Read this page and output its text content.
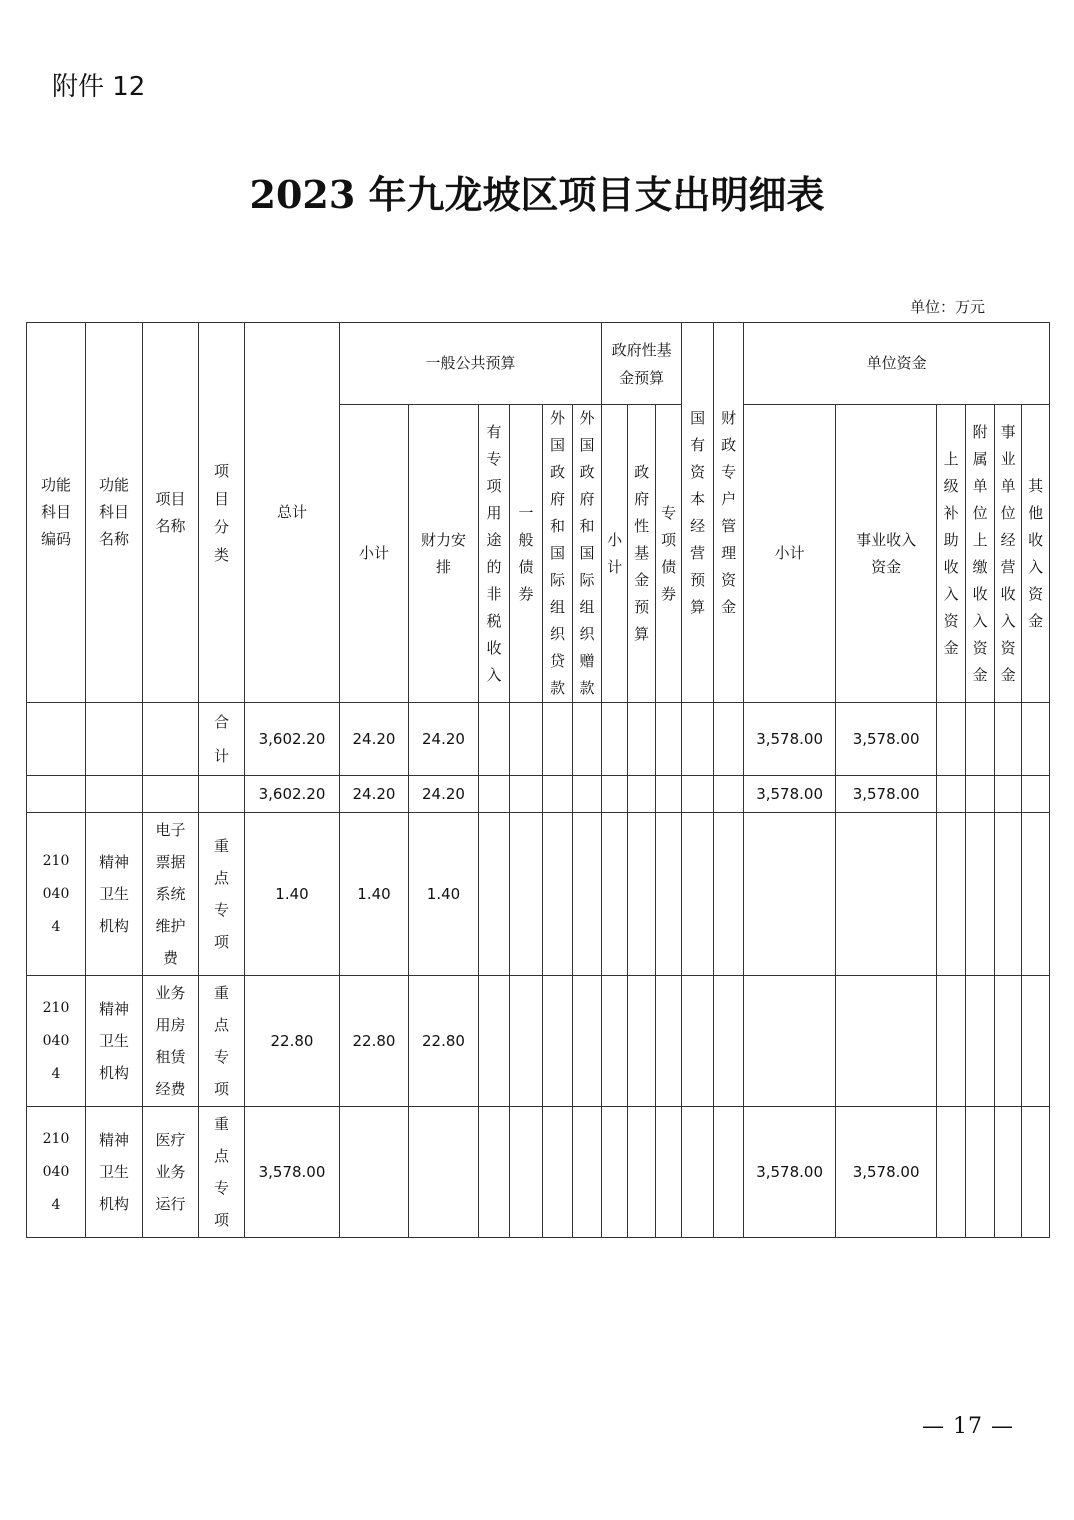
附件 12
2023 年九龙坡区项目支出明细表
单位：万元
功能科目编码	功能科目名称	项目名称	项目分类	总计	一般公共预算						政府性基金预算			国有资本经营预算	财政专户管理资金	单位资金					
					小计	财力安排	有专项用途的非税收入	一般债券	外国政府和国际组织贷款	外国政府和国际组织赠款	小计	政府性基金预算	专项债券			小计	事业收入资金	上级补助收入资金	附属单位上缴收入资金	事业单位经营收入资金	其他收入资金
			合计	3,602.20	24.20	24.20										3,578.00	3,578.00				
				3,602.20	24.20	24.20										3,578.00	3,578.00				
2100404	精神卫生机构	电子票据系统维护费	重点专项	1.40	1.40	1.40															
2100404	精神卫生机构	业务用房租赁经费	重点专项	22.80	22.80	22.80															
2100404	精神卫生机构	医疗业务运行	重点专项	3,578.00												3,578.00	3,578.00				
— 17 —
